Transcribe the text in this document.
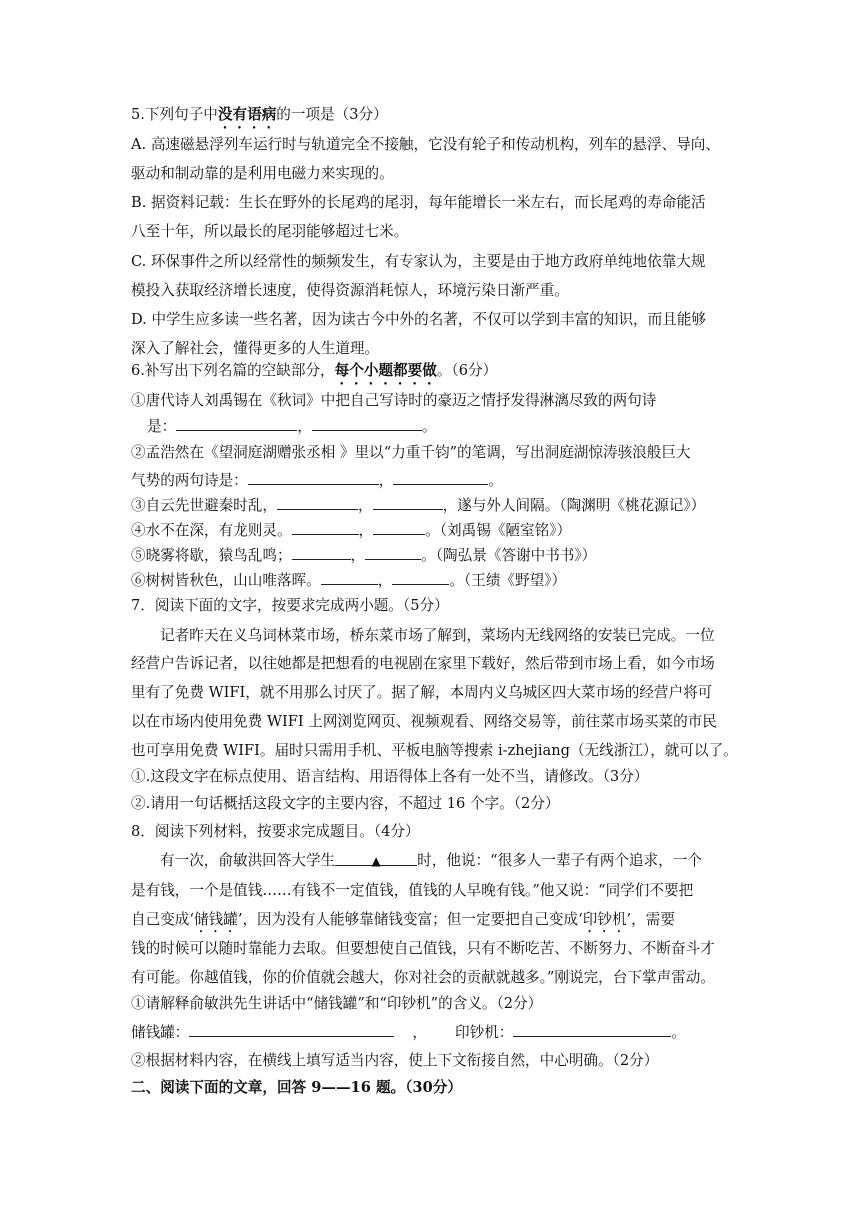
5.下列句子中没有语病的一项是（3分）
A. 高速磁悬浮列车运行时与轨道完全不接触，它没有轮子和传动机构，列车的悬浮、导向、
驱动和制动靠的是利用电磁力来实现的。
B. 据资料记载：生长在野外的长尾鸡的尾羽，每年能增长一米左右，而长尾鸡的寿命能活
八至十年，所以最长的尾羽能够超过七米。
C. 环保事件之所以经常性的频频发生，有专家认为，主要是由于地方政府单纯地依靠大规
模投入获取经济增长速度，使得资源消耗惊人，环境污染日渐严重。
D. 中学生应多读一些名著，因为读古今中外的名著，不仅可以学到丰富的知识，而且能够
深入了解社会，懂得更多的人生道理。
6.补写出下列名篇的空缺部分，每个小题都要做。（6分）
①唐代诗人刘禹锡在《秋词》中把自己写诗时的豪迈之情抒发得淋漓尽致的两句诗
是：	，	。
②孟浩然在《望洞庭湖赠张丞相 》里以“力重千钧”的笔调，写出洞庭湖惊涛骇浪般巨大
气势的两句诗是：	，	。
③自云先世避秦时乱，	，	，遂与外人间隔。（陶渊明《桃花源记》）
④水不在深，有龙则灵。	，	。（刘禹锡《陋室铭》）
⑤晓雾将歇，猿鸟乱鸣；	，	。（陶弘景《答谢中书书》）
⑥树树皆秋色，山山唯落晖。	，	。（王绩《野望》）
7．阅读下面的文字，按要求完成两小题。（5分）
记者昨天在义乌词林菜市场，桥东菜市场了解到，菜场内无线网络的安装已完成。一位
经营户告诉记者，以往她都是把想看的电视剧在家里下载好，然后带到市场上看，如今市场
里有了免费 WIFI，就不用那么讨厌了。据了解，本周内义乌城区四大菜市场的经营户将可
以在市场内使用免费 WIFI 上网浏览网页、视频观看、网络交易等，前往菜市场买菜的市民
也可享用免费 WIFI。届时只需用手机、平板电脑等搜索 i-zhejiang（无线浙江），就可以了。
①.这段文字在标点使用、语言结构、用语得体上各有一处不当，请修改。（3分）
②.请用一句话概括这段文字的主要内容，不超过 16 个字。（2分）
8．阅读下列材料，按要求完成题目。（4分）
有一次，俞敏洪回答大学生	▲ 时，他说：“很多人一辈子有两个追求，一个
是有钱，一个是值钱……有钱不一定值钱，值钱的人早晚有钱。”他又说：“同学们不要把
自己变成‘储钱罐’，因为没有人能够靠储钱变富；但一定要把自己变成‘印钞机’，需要
钱的时候可以随时靠能力去取。但要想使自己值钱，只有不断吃苦、不断努力、不断奋斗才
有可能。你越值钱，你的价值就会越大，你对社会的贡献就越多。”刚说完，台下掌声雷动。
①请解释俞敏洪先生讲话中“储钱罐”和“印钞机”的含义。（2分）
储钱罐：	， 印钞机：	。
②根据材料内容，在横线上填写适当内容，使上下文衔接自然，中心明确。（2分）
二、阅读下面的文章，回答 9——16 题。（30分）
